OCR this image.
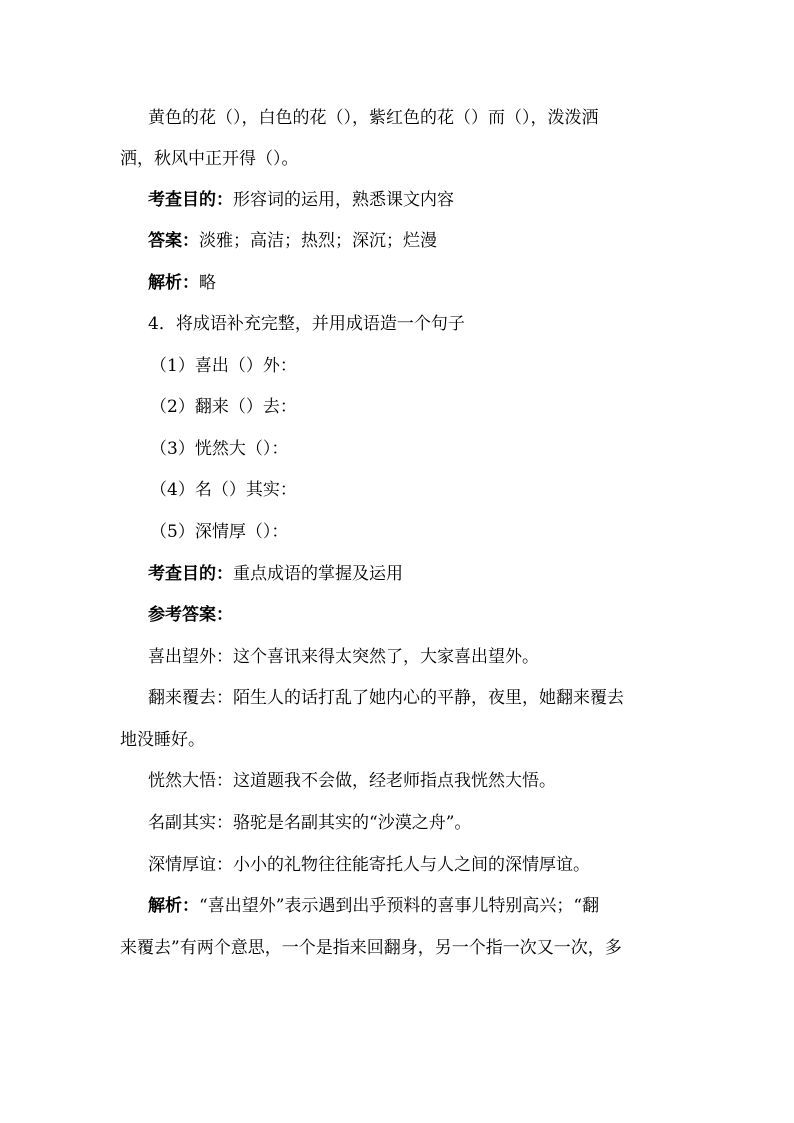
黄色的花（），白色的花（），紫红色的花（）而（），泼泼洒
洒，秋风中正开得（）。
考查目的：形容词的运用，熟悉课文内容
答案：淡雅；高洁；热烈；深沉；烂漫
解析：略
4．将成语补充完整，并用成语造一个句子
（1）喜出（）外：
（2）翻来（）去：
（3）恍然大（）：
（4）名（）其实：
（5）深情厚（）：
考查目的：重点成语的掌握及运用
参考答案：
喜出望外：这个喜讯来得太突然了，大家喜出望外。
翻来覆去：陌生人的话打乱了她内心的平静，夜里，她翻来覆去
地没睡好。
恍然大悟：这道题我不会做，经老师指点我恍然大悟。
名副其实：骆驼是名副其实的“沙漠之舟”。
深情厚谊：小小的礼物往往能寄托人与人之间的深情厚谊。
解析：“喜出望外”表示遇到出乎预料的喜事儿特别高兴；“翻
来覆去”有两个意思，一个是指来回翻身，另一个指一次又一次，多
